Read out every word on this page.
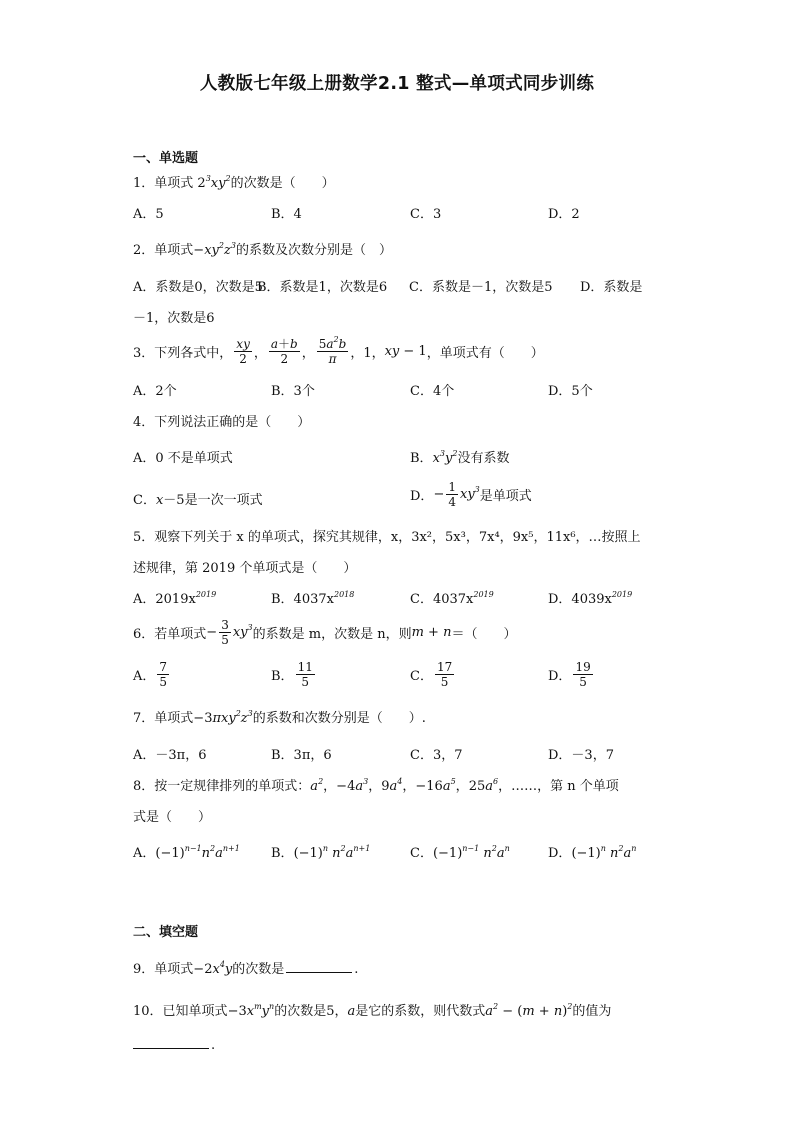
人教版七年级上册数学2.1 整式—单项式同步训练
一、单选题
1．单项式 $2^3xy^2$的次数是（　　）
A．5	B．4	C．3	D．2
2．单项式$-xy^2z^3$的系数及次数分别是（　）
A．系数是0，次数是5
B．系数是1，次数是6 C．系数是－1，次数是5 D．系数是
－1，次数是6
3． 下列各式中， $\frac{xy}{2}$ ， $\frac{a+b}{2}$ ， $\frac{5a^2b}{\pi}$ ，1， xy − 1 ，单项式有（　　）
A．2个	B．3个	C．4个	D．5个
4．下列说法正确的是（　　）
A．0 不是单项式	B．$x^3y^2$没有系数
C．x－5是一次一项式	D． − $\frac{1}{4} xy^3$ 是单项式
5．观察下列关于 x 的单项式，探究其规律，x，3x²，5x³，7x⁴，9x⁵，11x⁶，…按照上
述规律，第 2019 个单项式是（　　）
A．$2019x^{2019}$	B．$4037x^{2018}$	C．$4037x^{2019}$	D．$4039x^{2019}$
6． 若单项式 − $\frac{3}{5} xy^3$ 的系数是 m，次数是 n，则 m + n ＝（　　）
A． $\frac{7}{5}$	B． $\frac{11}{5}$	C． $\frac{17}{5}$	D． $\frac{19}{5}$
7．单项式$-3\pi xy^2z^3$的系数和次数分别是（　　）.
A．－3π，6	B．3π，6	C．3，7	D．－3，7
8．按一定规律排列的单项式：$a^2$，$-4a^3$，$9a^4$，$-16a^5$，$25a^6$，……，第 n 个单项
式是（　　）
A．$(-1)^{n-1}n^2a^{n+1}$ B．$(-1)^n$ $n^2a^{n+1}$	C．$(-1)^{n-1}$ $n^2a^n$	D．$(-1)^n$ $n^2a^n$
二、填空题
9．单项式$-2x^4y$的次数是	.
10．已知单项式$-3x^my^n$的次数是5，a是它的系数，则代数式$a^2 - (m + n)^2$的值为
.
